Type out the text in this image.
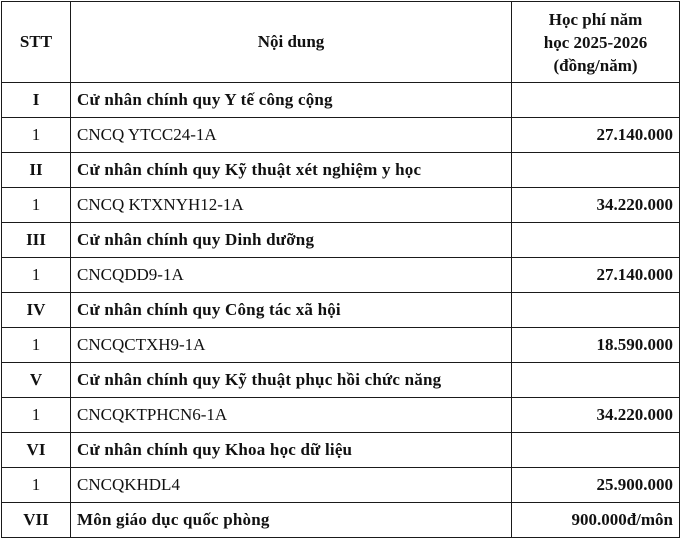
STT	Nội dung	Học phí năm
học 2025-2026
(đồng/năm)

I	Cử nhân chính quy Y tế công cộng	
1	CNCQ YTCC24-1A	27.140.000
II	Cử nhân chính quy Kỹ thuật xét nghiệm y học	
1	CNCQ KTXNYH12-1A	34.220.000
III	Cử nhân chính quy Dinh dưỡng	
1	CNCQDD9-1A	27.140.000
IV	Cử nhân chính quy Công tác xã hội	
1	CNCQCTXH9-1A	18.590.000
V	Cử nhân chính quy Kỹ thuật phục hồi chức năng	
1	CNCQKTPHCN6-1A	34.220.000
VI	Cử nhân chính quy Khoa học dữ liệu	
1	CNCQKHDL4	25.900.000
VII	Môn giáo dục quốc phòng	900.000đ/môn
